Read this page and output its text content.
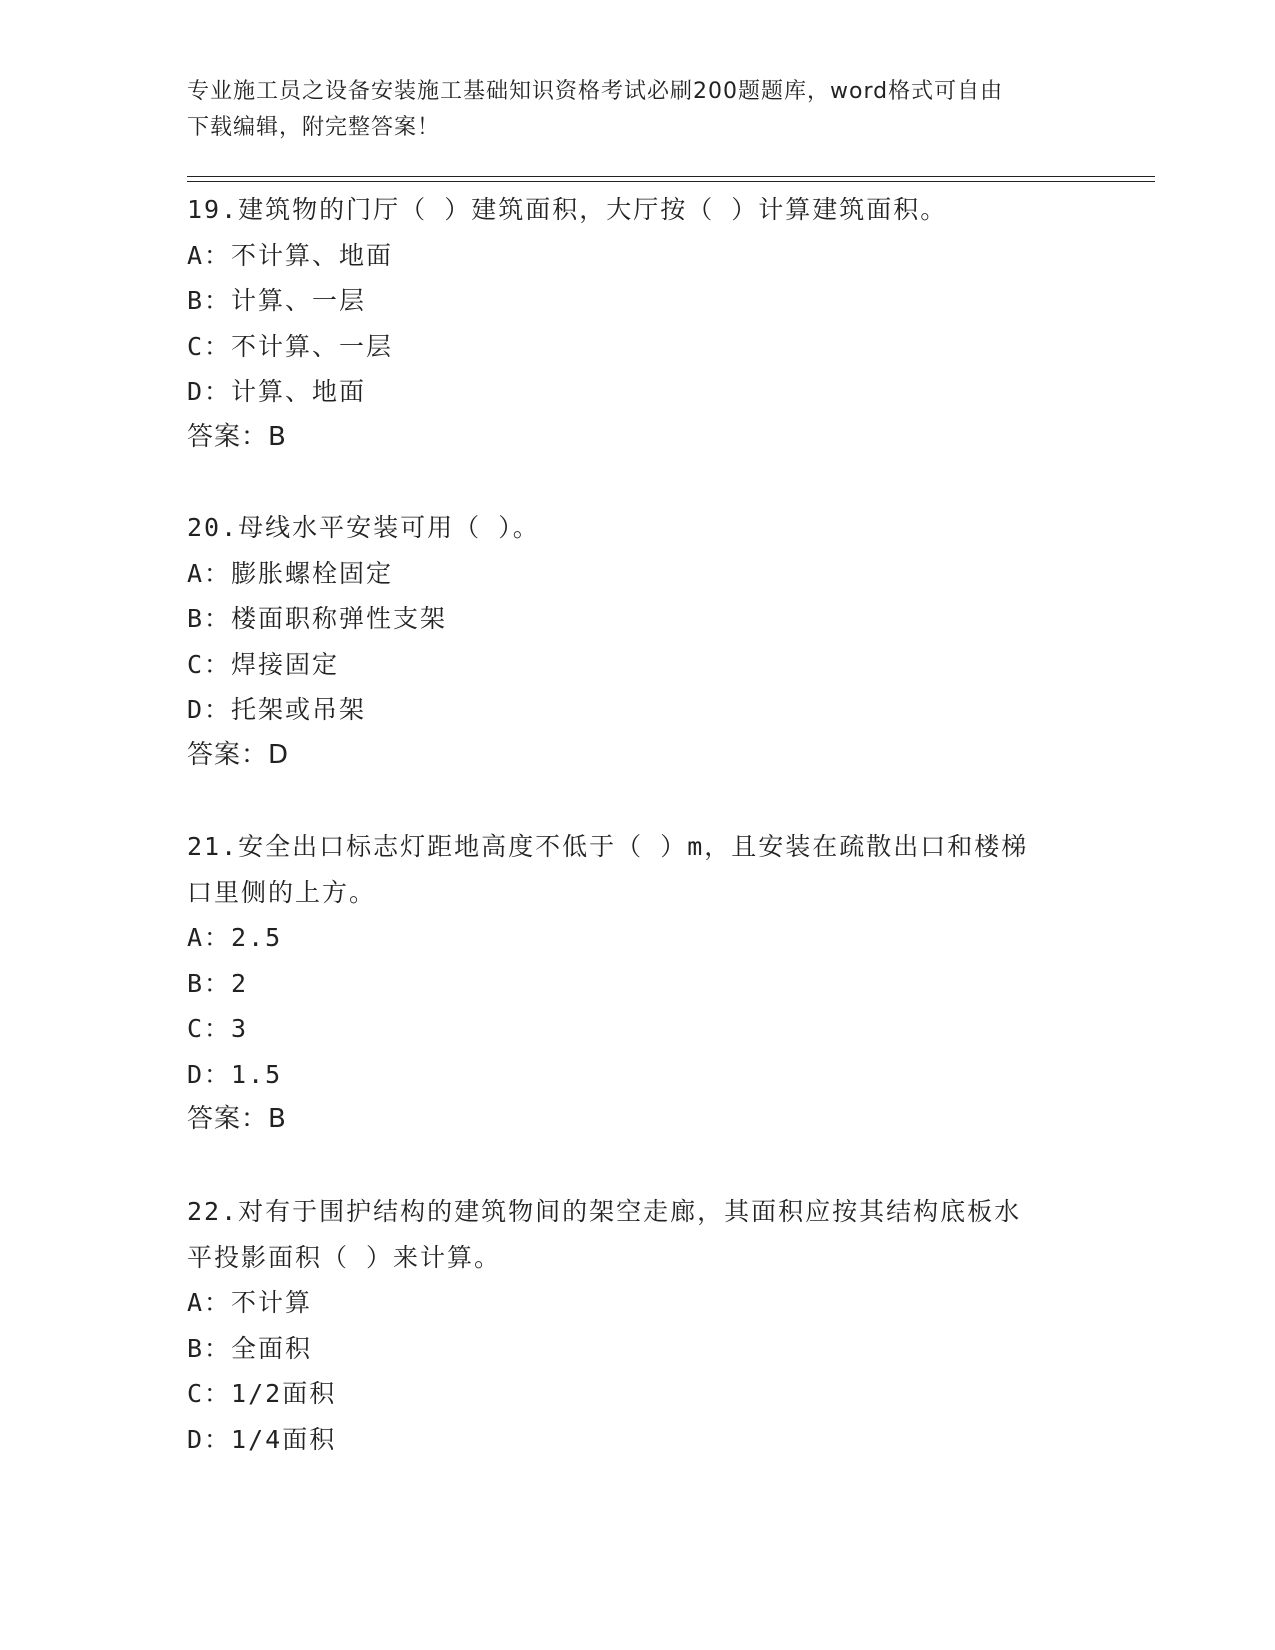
专业施工员之设备安装施工基础知识资格考试必刷200题题库，word格式可自由

下载编辑，附完整答案！

19.建筑物的门厅（ ）建筑面积，大厅按（ ）计算建筑面积。
A：不计算、地面
B：计算、一层
C：不计算、一层
D：计算、地面
答案：B
20.母线水平安装可用（ ）。
A：膨胀螺栓固定
B：楼面职称弹性支架
C：焊接固定
D：托架或吊架
答案：D
21.安全出口标志灯距地高度不低于（ ）m，且安装在疏散出口和楼梯
口里侧的上方。
A：2.5
B：2
C：3
D：1.5
答案：B
22.对有于围护结构的建筑物间的架空走廊，其面积应按其结构底板水
平投影面积（ ）来计算。
A：不计算
B：全面积
C：1/2面积
D：1/4面积
